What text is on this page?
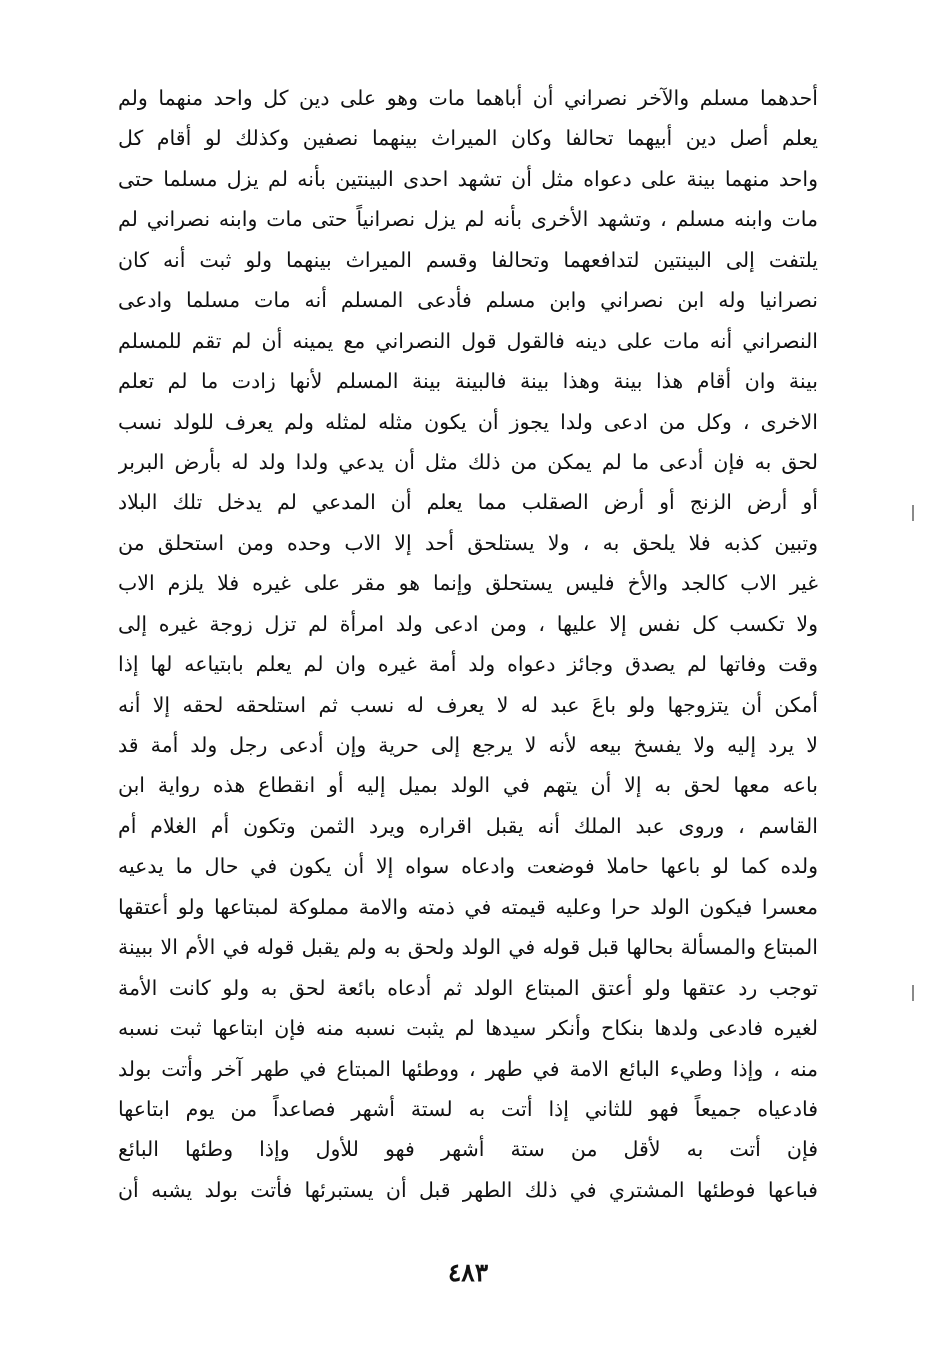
أحدهما مسلم والآخر نصراني أن أباهما مات وهو على دين كل واحد منهما ولم
يعلم أصل دين أبيهما تحالفا وكان الميراث بينهما نصفين وكذلك لو أقام كل
واحد منهما بينة على دعواه مثل أن تشهد احدى البينتين بأنه لم يزل مسلما حتى
مات وابنه مسلم ، وتشهد الأخرى بأنه لم يزل نصرانياً حتى مات وابنه نصراني لم
يلتفت إلى البينتين لتدافعهما وتحالفا وقسم الميراث بينهما ولو ثبت أنه كان
نصرانيا وله ابن نصراني وابن مسلم فأدعى المسلم أنه مات مسلما وادعى
النصراني أنه مات على دينه فالقول قول النصراني مع يمينه أن لم تقم للمسلم
بينة وان أقام هذا بينة وهذا بينة فالبينة بينة المسلم لأنها زادت ما لم تعلم
الاخرى ، وكل من ادعى ولدا يجوز أن يكون مثله لمثله ولم يعرف للولد نسب
لحق به فإن أدعى ما لم يمكن من ذلك مثل أن يدعي ولدا ولد له بأرض البربر
أو أرض الزنج أو أرض الصقلب مما يعلم أن المدعي لم يدخل تلك البلاد
وتبين كذبه فلا يلحق به ، ولا يستلحق أحد إلا الاب وحده ومن استحلق من
غير الاب كالجد والأخ فليس يستحلق وإنما هو مقر على غيره فلا يلزم الاب
ولا تكسب كل نفس إلا عليها ، ومن ادعى ولد امرأة لم تزل زوجة غيره إلى
وقت وفاتها لم يصدق وجائز دعواه ولد أمة غيره وان لم يعلم بابتياعه لها إذا
أمكن أن يتزوجها ولو باعَ عبد له لا يعرف له نسب ثم استلحقه لحقه إلا أنه
لا يرد إليه ولا يفسخ بيعه لأنه لا يرجع إلى حرية وإن أدعى رجل ولد أمة قد
باعه معها لحق به إلا أن يتهم في الولد بميل إليه أو انقطاع هذه رواية ابن
القاسم ، وروى عبد الملك أنه يقبل اقراره ويرد الثمن وتكون أم الغلام أم
ولده كما لو باعها حاملا فوضعت وادعاه سواه إلا أن يكون في حال ما يدعيه
معسرا فيكون الولد حرا وعليه قيمته في ذمته والامة مملوكة لمبتاعها ولو أعتقها
المبتاع والمسألة بحالها قبل قوله في الولد ولحق به ولم يقبل قوله في الأم الا ببينة
توجب رد عتقها ولو أعتق المبتاع الولد ثم أدعاه بائعة لحق به ولو كانت الأمة
لغيره فادعى ولدها بنكاح وأنكر سيدها لم يثبت نسبه منه فإن ابتاعها ثبت نسبه
منه ، وإذا وطيء البائع الامة في طهر ، ووطئها المبتاع في طهر آخر وأتت بولد
فادعياه جميعاً فهو للثاني إذا أتت به لستة أشهر فصاعداً من يوم ابتاعها
فإن أتت به لأقل من ستة أشهر فهو للأول وإذا وطئها البائع
فباعها فوطئها المشتري في ذلك الطهر قبل أن يستبرئها فأتت بولد يشبه أن
٤٨٣
